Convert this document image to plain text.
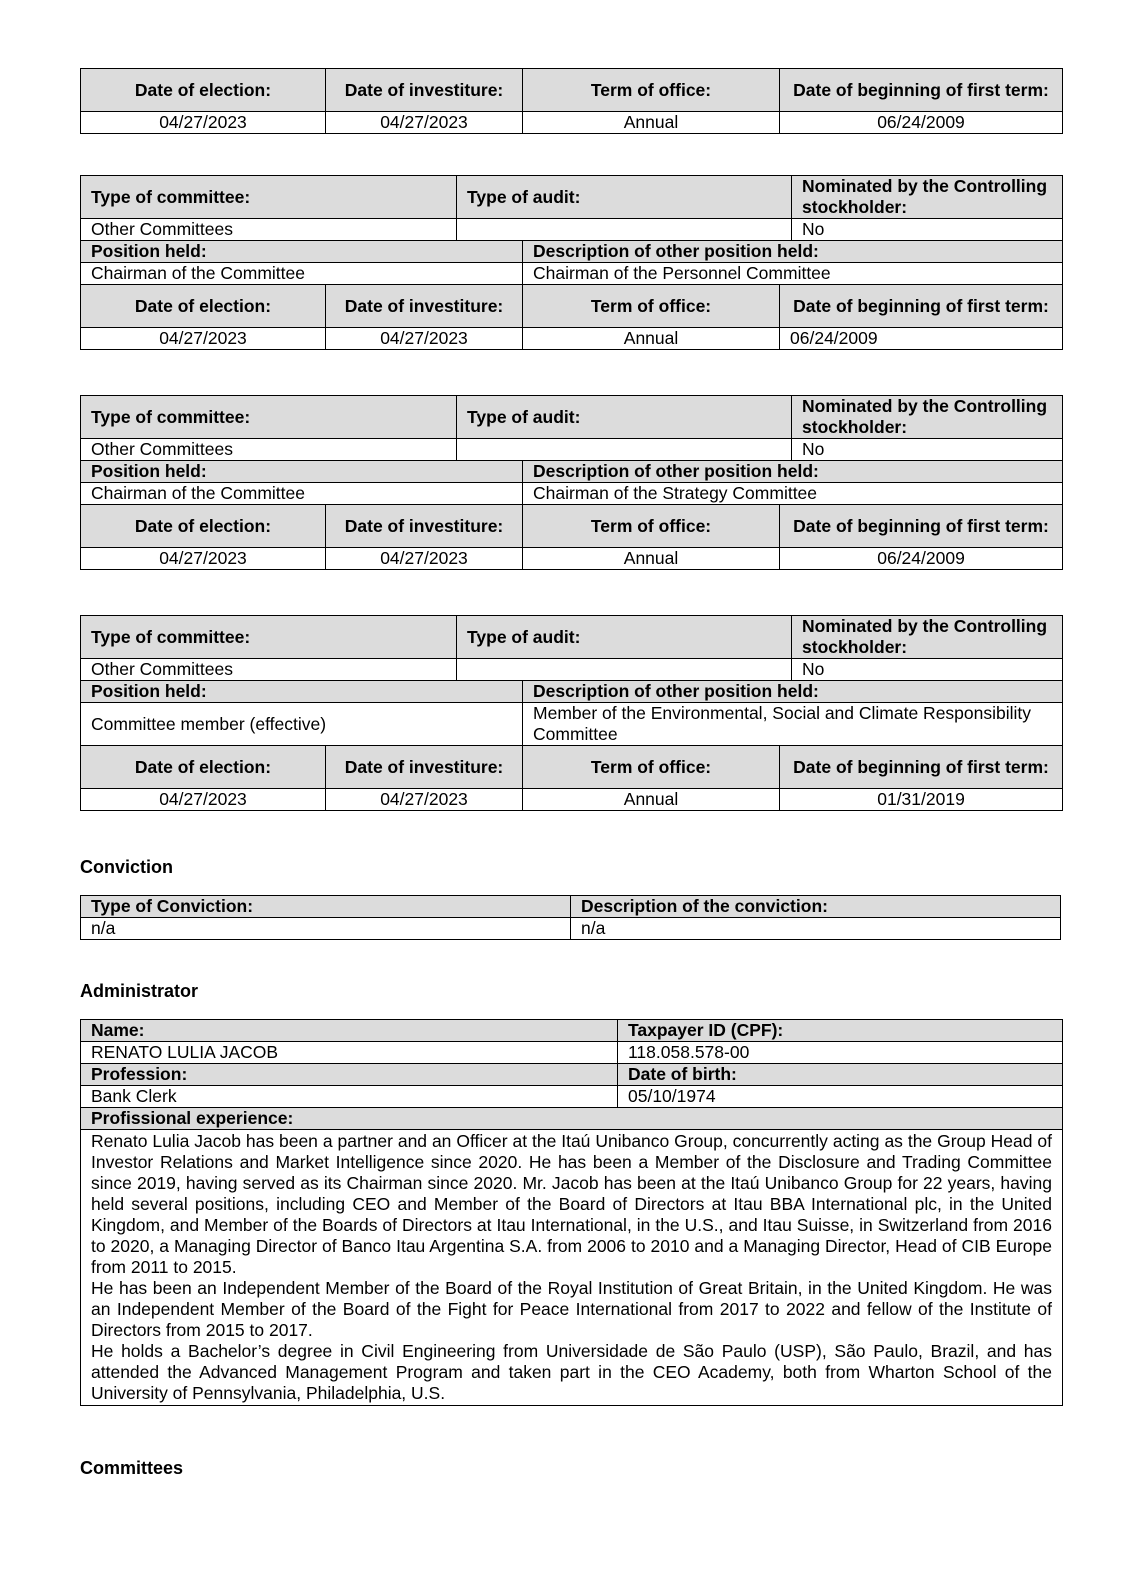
Date of election:	Date of investiture:	Term of office:	Date of beginning of first term:
04/27/2023	04/27/2023	Annual	06/24/2009
Type of committee:		Type of audit:			Nominated by the Controlling stockholder:
Other Committees					No
Position held:			Description of other position held:		
Chairman of the Committee			Chairman of the Personnel Committee		
Date of election:	Date of investiture:		Term of office:	Date of beginning of first term:	
04/27/2023	04/27/2023		Annual	06/24/2009	
Type of committee:		Type of audit:			Nominated by the Controlling stockholder:
Other Committees					No
Position held:			Description of other position held:		
Chairman of the Committee			Chairman of the Strategy Committee		
Date of election:	Date of investiture:		Term of office:	Date of beginning of first term:	
04/27/2023	04/27/2023		Annual	06/24/2009	
Type of committee:		Type of audit:			Nominated by the Controlling stockholder:
Other Committees					No
Position held:			Description of other position held:		
Committee member (effective)			Member of the Environmental, Social and Climate Responsibility Committee		
Date of election:	Date of investiture:		Term of office:	Date of beginning of first term:	
04/27/2023	04/27/2023		Annual	01/31/2019	
Conviction
Type of Conviction:	Description of the conviction:
n/a	n/a
Administrator
Name:	Taxpayer ID (CPF):
RENATO LULIA JACOB	118.058.578-00
Profession:	Date of birth:
Bank Clerk	05/10/1974
Profissional experience:	

Renato Lulia Jacob has been a partner and an Officer at the Itaú Unibanco Group, concurrently acting as the Group Head of Investor Relations and Market Intelligence since 2020. He has been a Member of the Disclosure and Trading Committee since 2019, having served as its Chairman since 2020. Mr. Jacob has been at the Itaú Unibanco Group for 22 years, having held several positions, including CEO and Member of the Board of Directors at Itau BBA International plc, in the United Kingdom, and Member of the Boards of Directors at Itau International, in the U.S., and Itau Suisse, in Switzerland from 2016 to 2020, a Managing Director of Banco Itau Argentina S.A. from 2006 to 2010 and a Managing Director, Head of CIB Europe from 2011 to 2015.

He has been an Independent Member of the Board of the Royal Institution of Great Britain, in the United Kingdom. He was an Independent Member of the Board of the Fight for Peace International from 2017 to 2022 and fellow of the Institute of Directors from 2015 to 2017.

He holds a Bachelor’s degree in Civil Engineering from Universidade de São Paulo (USP), São Paulo, Brazil, and has attended the Advanced Management Program and taken part in the CEO Academy, both from Wharton School of the University of Pennsylvania, Philadelphia, U.S.	

Committees
